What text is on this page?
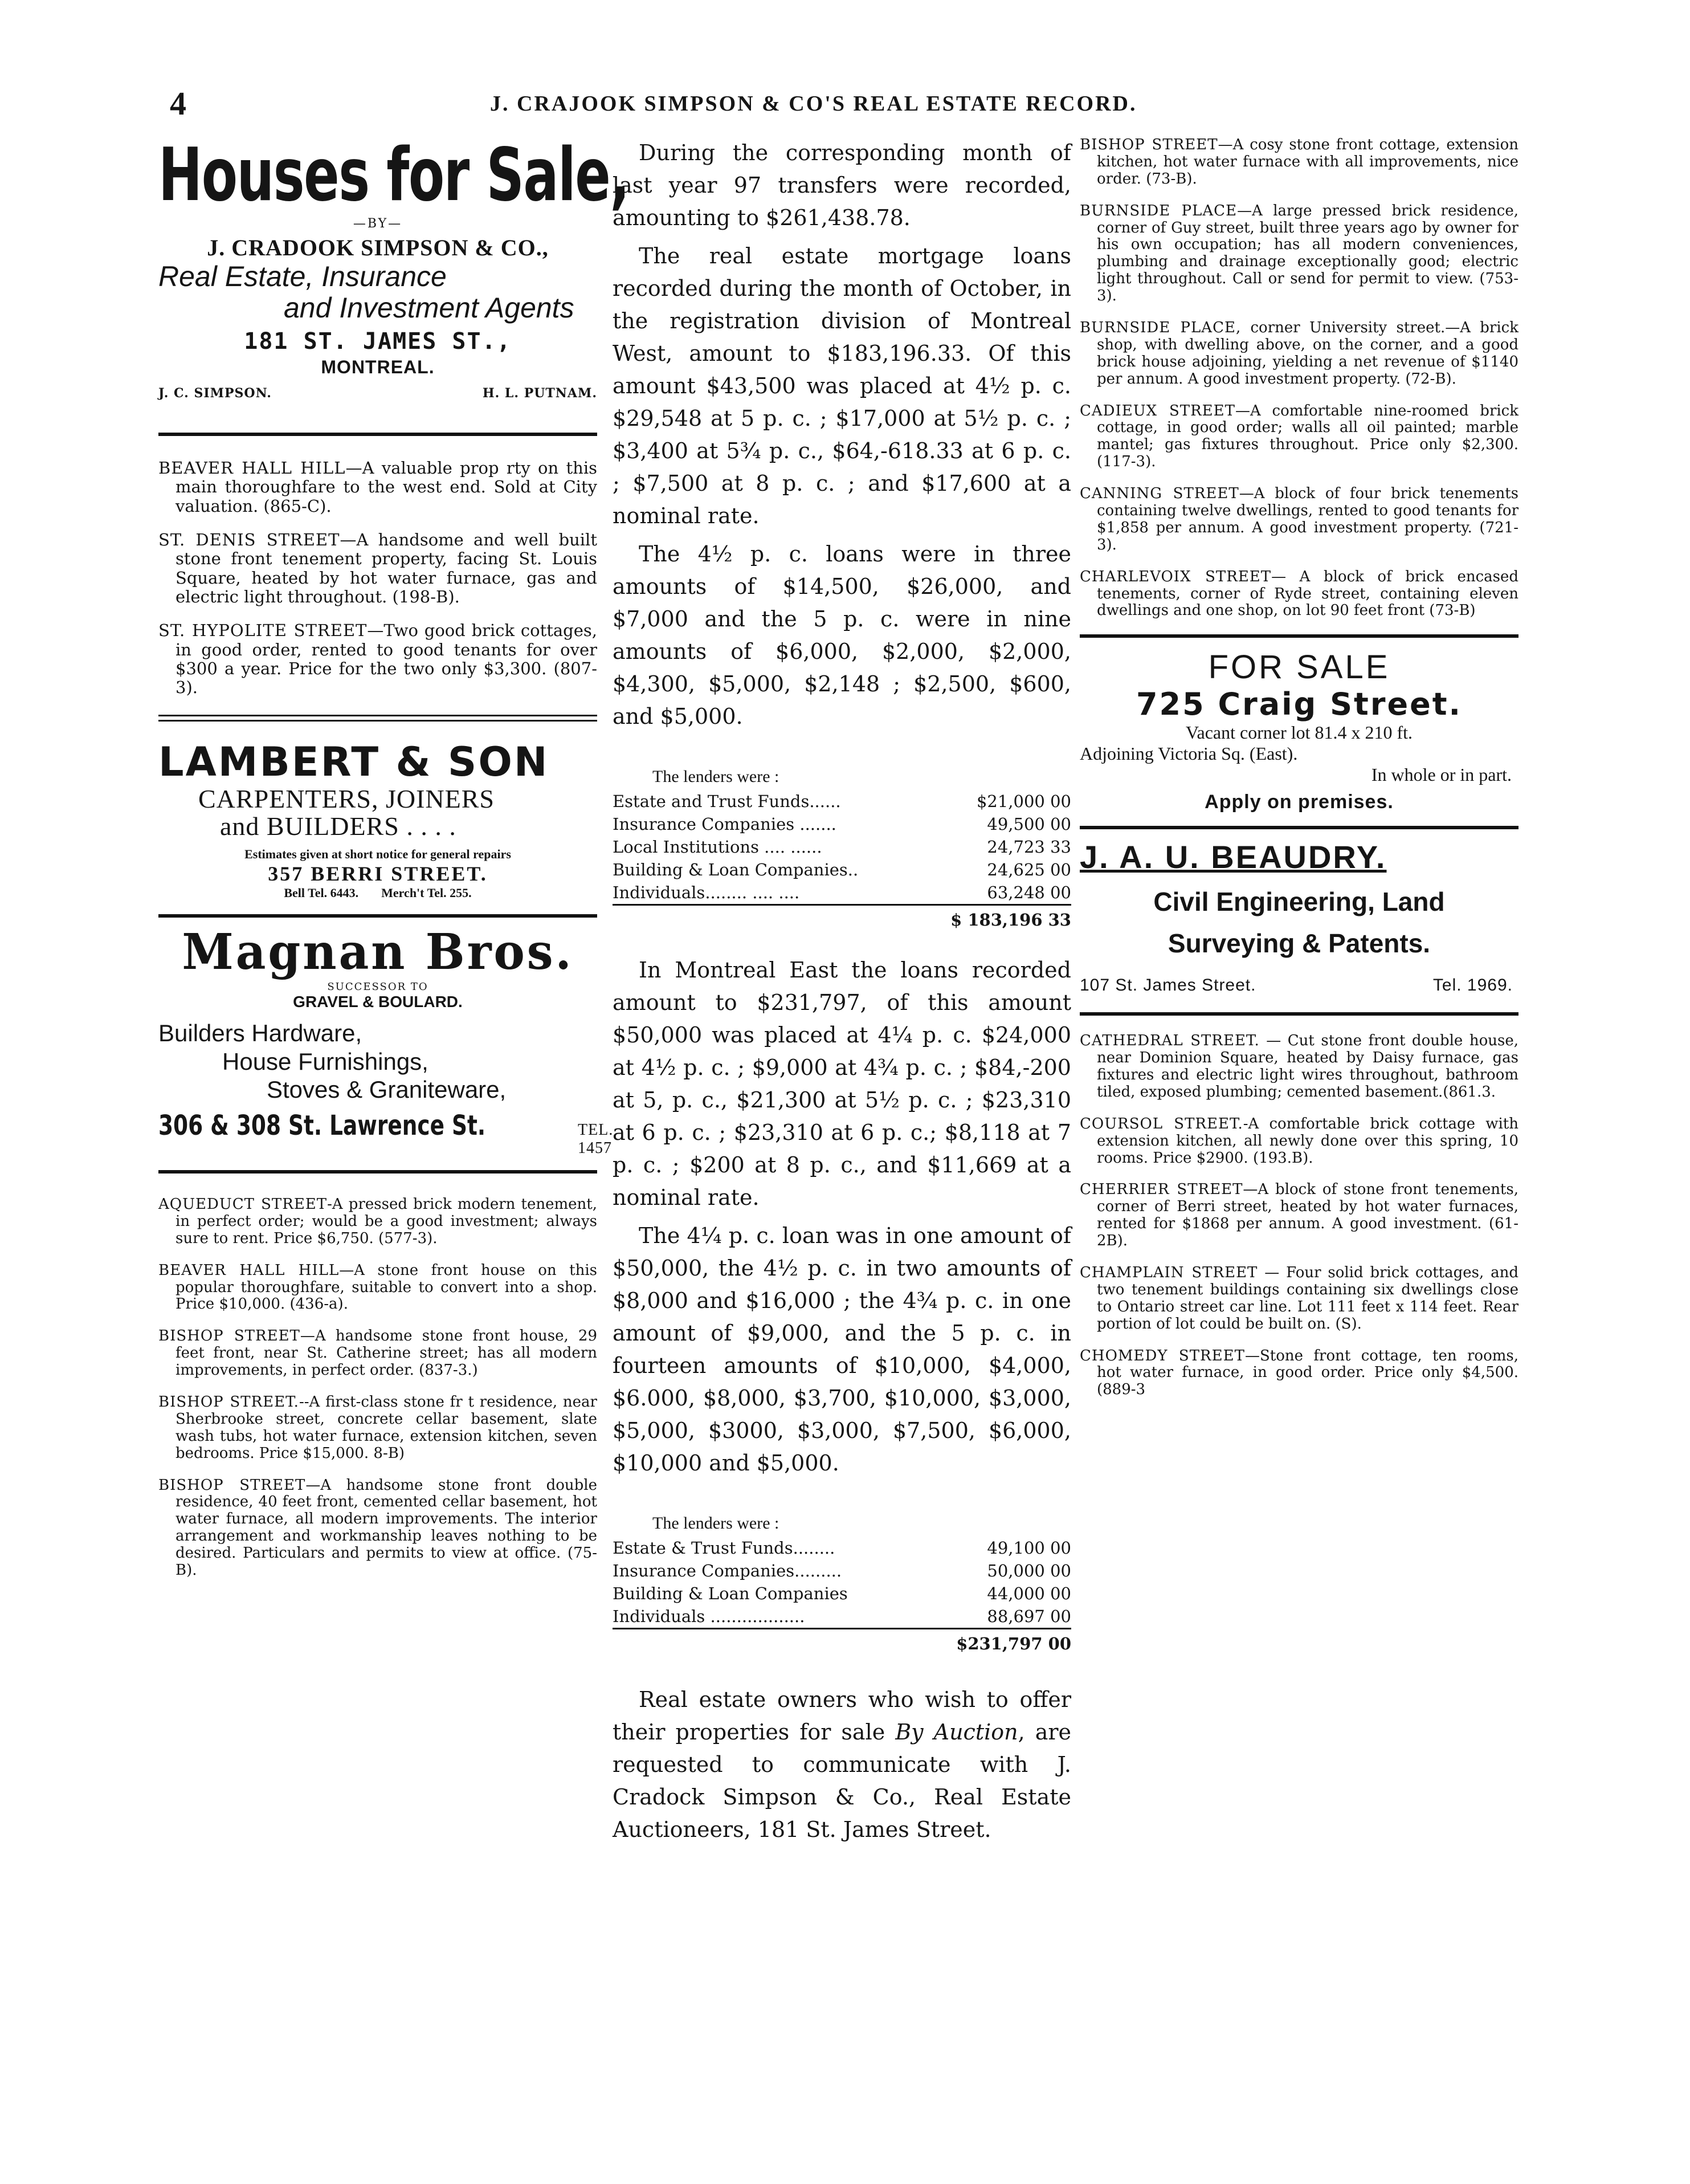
4	J. CRAJOOK SIMPSON & CO'S REAL ESTATE RECORD.
Houses for Sale,
—BY—
J. CRADOOK SIMPSON & CO.,
Real Estate, Insurance
and Investment Agents
181 ST. JAMES ST.,
MONTREAL.
J. C. SIMPSON.	H. L. PUTNAM.

BEAVER HALL HILL—A valuable prop rty on this main thoroughfare to the west end. Sold at City valuation. (865-C).

ST. DENIS STREET—A handsome and well built stone front tenement property, facing St. Louis Square, heated by hot water furnace, gas and electric light throughout. (198-B).

ST. HYPOLITE STREET—Two good brick cottages, in good order, rented to good tenants for over $300 a year. Price for the two only $3,300. (807-3).

LAMBERT & SON
CARPENTERS, JOINERS
and BUILDERS . . . .
Estimates given at short notice for general repairs
357 BERRI STREET.
Bell Tel. 6443. Merch't Tel. 255.
Magnan Bros.
SUCCESSOR TO
GRAVEL & BOULARD.
Builders Hardware,
House Furnishings,
Stoves & Graniteware,
306 & 308 St. Lawrence St.	TEL. 1457

AQUEDUCT STREET-A pressed brick modern tenement, in perfect order; would be a good investment; always sure to rent. Price $6,750. (577-3).

BEAVER HALL HILL—A stone front house on this popular thoroughfare, suitable to convert into a shop. Price $10,000. (436-a).

BISHOP STREET—A handsome stone front house, 29 feet front, near St. Catherine street; has all modern improvements, in perfect order. (837-3.)

BISHOP STREET.--A first-class stone fr t residence, near Sherbrooke street, concrete cellar basement, slate wash tubs, hot water furnace, extension kitchen, seven bedrooms. Price $15,000. 8-B)

BISHOP STREET—A handsome stone front double residence, 40 feet front, cemented cellar basement, hot water furnace, all modern improvements. The interior arrangement and workmanship leaves nothing to be desired. Particulars and permits to view at office. (75-B).

During the corresponding month of last year 97 transfers were recorded, amounting to $261,438.78.

The real estate mortgage loans recorded during the month of October, in the registration division of Montreal West, amount to $183,196.33. Of this amount $43,500 was placed at 4½ p. c. $29,548 at 5 p. c. ; $17,000 at 5½ p. c. ; $3,400 at 5¾ p. c., $64,-618.33 at 6 p. c. ; $7,500 at 8 p. c. ; and $17,600 at a nominal rate.

The 4½ p. c. loans were in three amounts of $14,500, $26,000, and $7,000 and the 5 p. c. were in nine amounts of $6,000, $2,000, $2,000, $4,300, $5,000, $2,148 ; $2,500, $600, and $5,000.

The lenders were :
Estate and Trust Funds......	$21,000 00
Insurance Companies .......	49,500 00
Local Institutions .... ......	24,723 33
Building & Loan Companies..	24,625 00
Individuals........ .... ....	63,248 00
	$ 183,196 33

In Montreal East the loans recorded amount to $231,797, of this amount $50,000 was placed at 4¼ p. c. $24,000 at 4½ p. c. ; $9,000 at 4¾ p. c. ; $84,-200 at 5, p. c., $21,300 at 5½ p. c. ; $23,310 at 6 p. c. ; $23,310 at 6 p. c.; $8,118 at 7 p. c. ; $200 at 8 p. c., and $11,669 at a nominal rate.

The 4¼ p. c. loan was in one amount of $50,000, the 4½ p. c. in two amounts of $8,000 and $16,000 ; the 4¾ p. c. in one amount of $9,000, and the 5 p. c. in fourteen amounts of $10,000, $4,000, $6.000, $8,000, $3,700, $10,000, $3,000, $5,000, $3000, $3,000, $7,500, $6,000, $10,000 and $5,000.

The lenders were :
Estate & Trust Funds........	49,100 00
Insurance Companies.........	50,000 00
Building & Loan Companies	44,000 00
Individuals ..................	88,697 00
	$231,797 00

Real estate owners who wish to offer their properties for sale By Auction, are requested to communicate with J. Cradock Simpson & Co., Real Estate Auctioneers, 181 St. James Street.

BISHOP STREET—A cosy stone front cottage, extension kitchen, hot water furnace with all improvements, nice order. (73-B).

BURNSIDE PLACE—A large pressed brick residence, corner of Guy street, built three years ago by owner for his own occupation; has all modern conveniences, plumbing and drainage exceptionally good; electric light throughout. Call or send for permit to view. (753-3).

BURNSIDE PLACE, corner University street.—A brick shop, with dwelling above, on the corner, and a good brick house adjoining, yielding a net revenue of $1140 per annum. A good investment property. (72-B).

CADIEUX STREET—A comfortable nine-roomed brick cottage, in good order; walls all oil painted; marble mantel; gas fixtures throughout. Price only $2,300. (117-3).

CANNING STREET—A block of four brick tenements containing twelve dwellings, rented to good tenants for $1,858 per annum. A good investment property. (721-3).

CHARLEVOIX STREET— A block of brick encased tenements, corner of Ryde street, containing eleven dwellings and one shop, on lot 90 feet front (73-B)

FOR SALE
725 Craig Street.
Vacant corner lot 81.4 x 210 ft.
Adjoining Victoria Sq. (East).
In whole or in part.
Apply on premises.
J. A. U. BEAUDRY.
Civil Engineering, Land
Surveying & Patents.
107 St. James Street.	Tel. 1969.

CATHEDRAL STREET. — Cut stone front double house, near Dominion Square, heated by Daisy furnace, gas fixtures and electric light wires throughout, bathroom tiled, exposed plumbing; cemented basement.(861.3.

COURSOL STREET.-A comfortable brick cottage with extension kitchen, all newly done over this spring, 10 rooms. Price $2900. (193.B).

CHERRIER STREET—A block of stone front tenements, corner of Berri street, heated by hot water furnaces, rented for $1868 per annum. A good investment. (61-2B).

CHAMPLAIN STREET — Four solid brick cottages, and two tenement buildings containing six dwellings close to Ontario street car line. Lot 111 feet x 114 feet. Rear portion of lot could be built on. (S).

CHOMEDY STREET—Stone front cottage, ten rooms, hot water furnace, in good order. Price only $4,500. (889-3
